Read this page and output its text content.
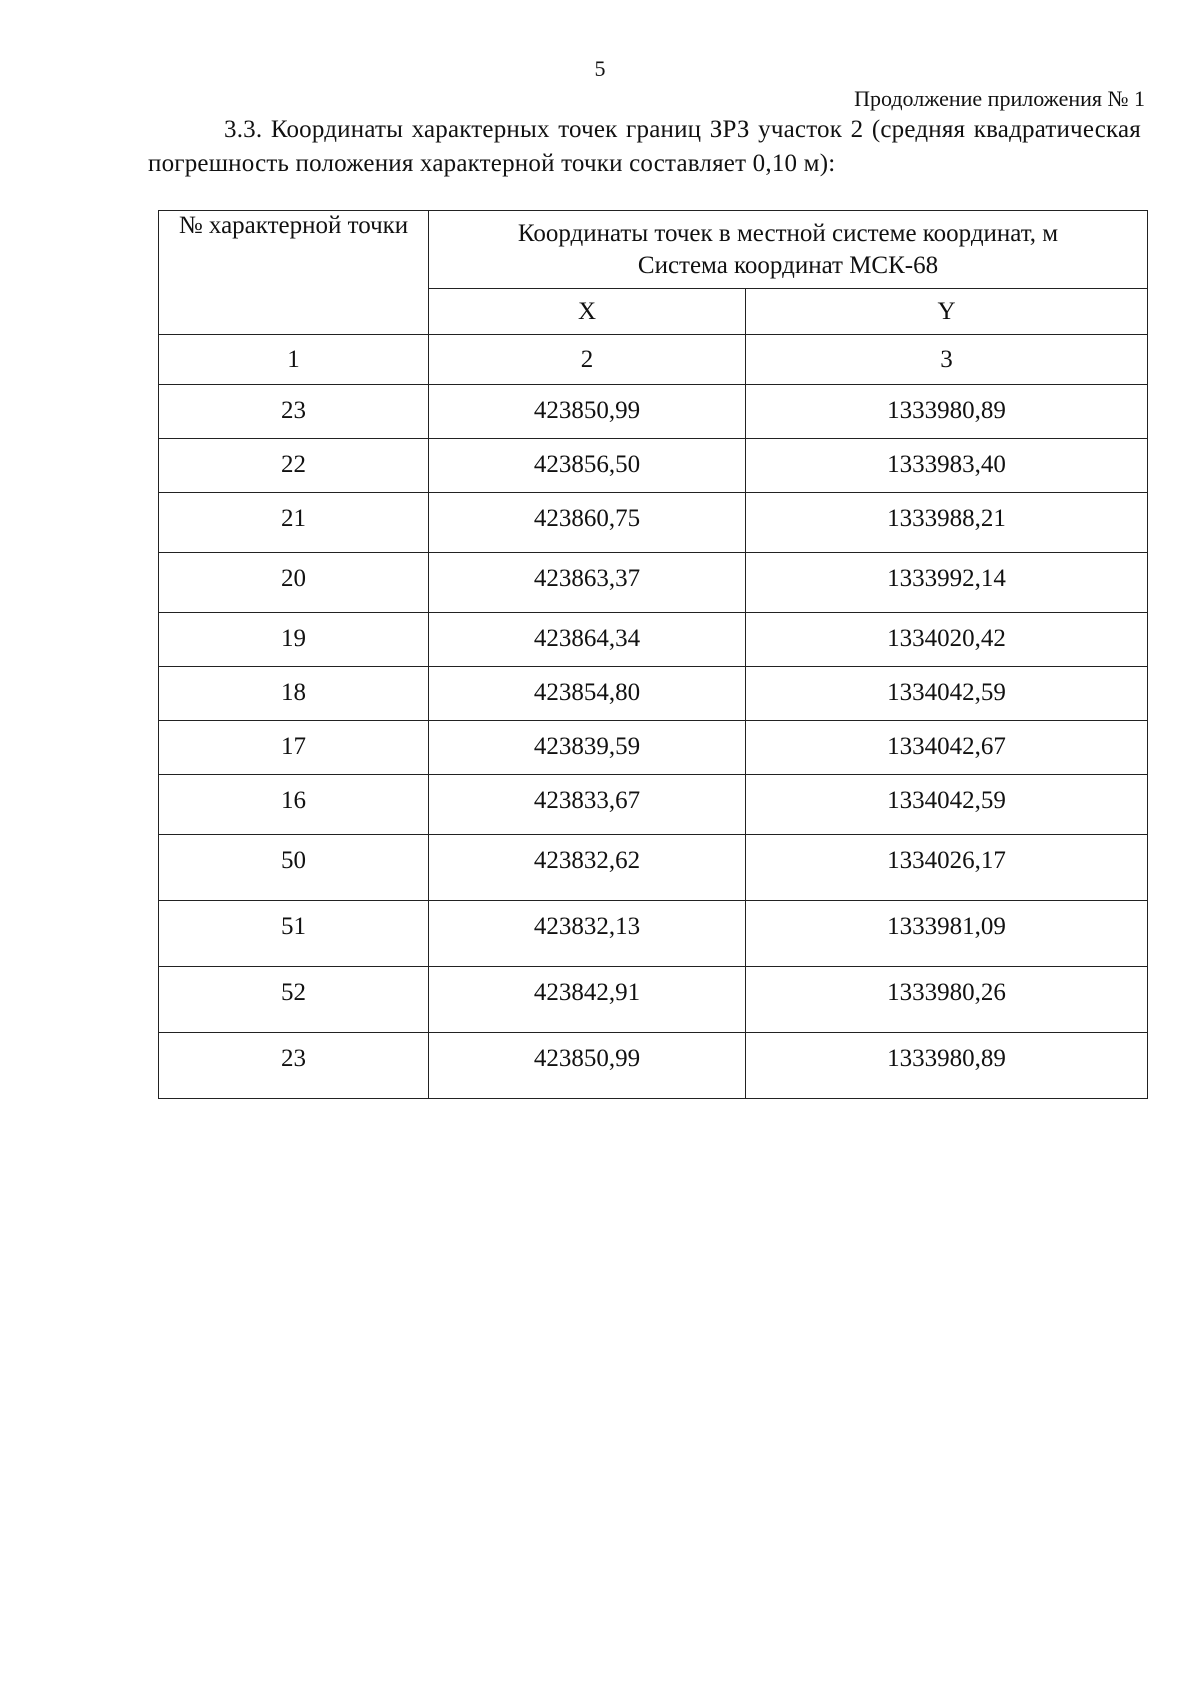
5
Продолжение приложения № 1
3.3. Координаты характерных точек границ ЗРЗ участок 2 (средняя квадратическая погрешность положения характерной точки составляет 0,10 м):
№ характерной точки	Координаты точек в местной системе координат, м
Система координат МСК-68	

	X	Y
1	2	3
23	423850,99	1333980,89
22	423856,50	1333983,40
21	423860,75	1333988,21
20	423863,37	1333992,14
19	423864,34	1334020,42
18	423854,80	1334042,59
17	423839,59	1334042,67
16	423833,67	1334042,59
50	423832,62	1334026,17
51	423832,13	1333981,09
52	423842,91	1333980,26
23	423850,99	1333980,89
